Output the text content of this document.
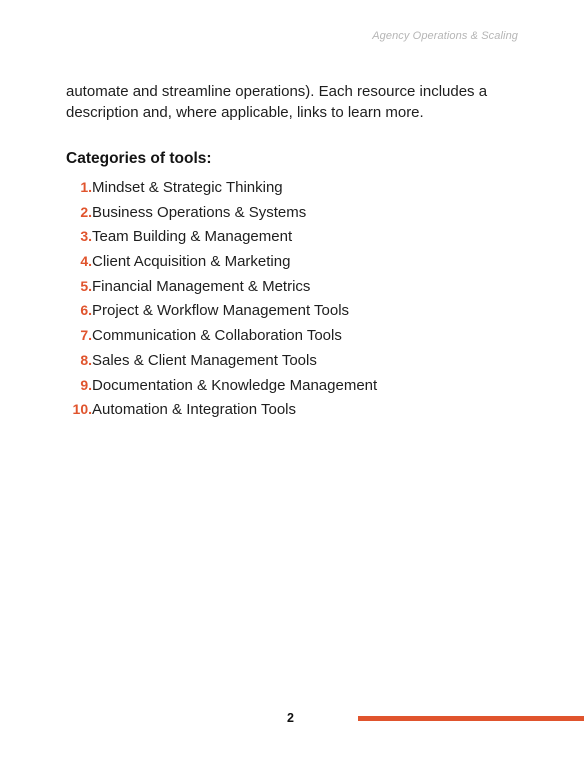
Agency Operations & Scaling

automate and streamline operations). Each resource includes a description and, where applicable, links to learn more.

Categories of tools:
1. Mindset & Strategic Thinking
2. Business Operations & Systems
3. Team Building & Management
4. Client Acquisition & Marketing
5. Financial Management & Metrics
6. Project & Workflow Management Tools
7. Communication & Collaboration Tools
8. Sales & Client Management Tools
9. Documentation & Knowledge Management
10. Automation & Integration Tools
2
